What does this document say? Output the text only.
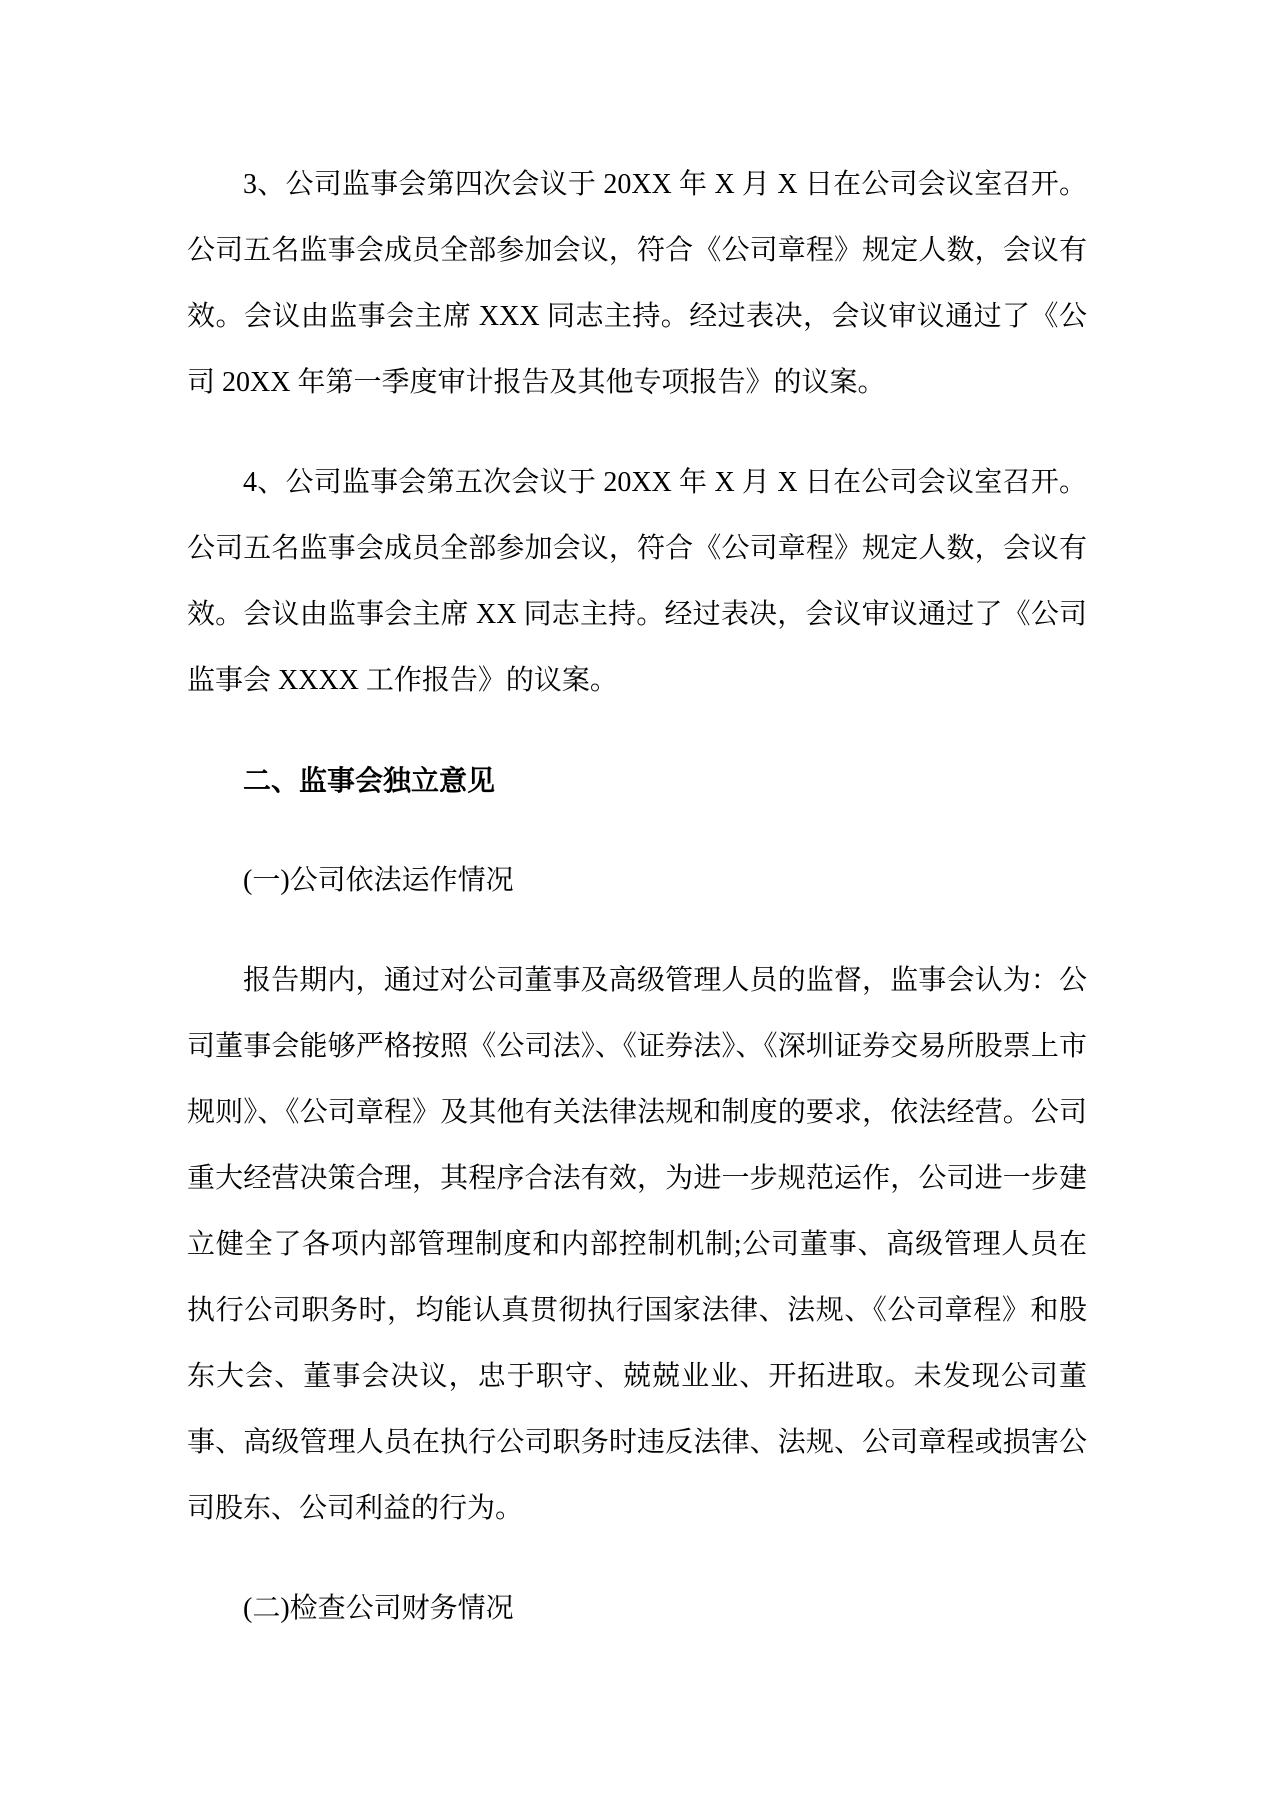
3、公司监事会第四次会议于 20XX 年 X 月 X 日在公司会议室召开。公司五名监事会成员全部参加会议，符合《公司章程》规定人数，会议有效。会议由监事会主席 XXX 同志主持。经过表决，会议审议通过了《公司 20XX 年第一季度审计报告及其他专项报告》的议案。

4、公司监事会第五次会议于 20XX 年 X 月 X 日在公司会议室召开。公司五名监事会成员全部参加会议，符合《公司章程》规定人数，会议有效。会议由监事会主席 XX 同志主持。经过表决，会议审议通过了《公司监事会 XXXX 工作报告》的议案。

二、监事会独立意见

(一)公司依法运作情况

报告期内，通过对公司董事及高级管理人员的监督，监事会认为：公司董事会能够严格按照《公司法》、《证券法》、《深圳证券交易所股票上市规则》、《公司章程》及其他有关法律法规和制度的要求，依法经营。公司重大经营决策合理，其程序合法有效，为进一步规范运作，公司进一步建立健全了各项内部管理制度和内部控制机制;公司董事、高级管理人员在执行公司职务时，均能认真贯彻执行国家法律、法规、《公司章程》和股东大会、董事会决议，忠于职守、兢兢业业、开拓进取。未发现公司董事、高级管理人员在执行公司职务时违反法律、法规、公司章程或损害公司股东、公司利益的行为。

(二)检查公司财务情况
